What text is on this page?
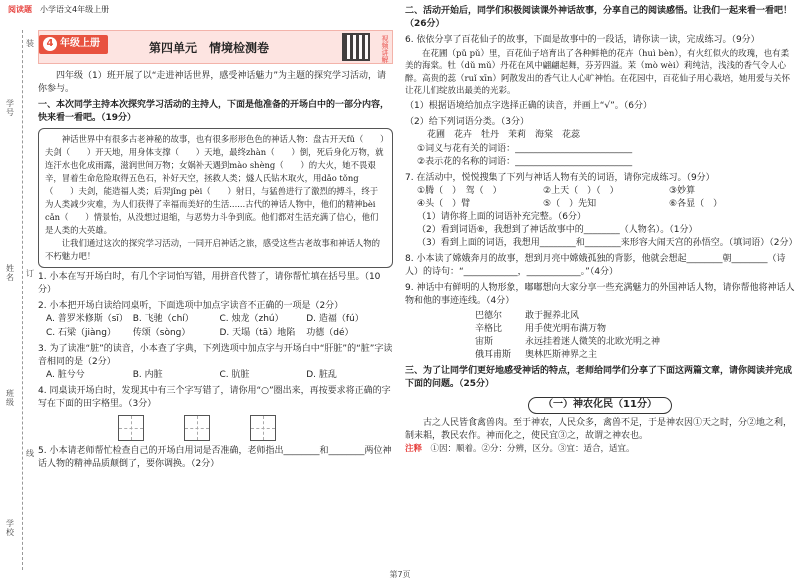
阅读题 小学语文4年级上册
学号
装
姓名 订
班级
线
学校
4 年级上册	第四单元　情境检测卷	视频讲解

四年级（1）班开展了以“走进神话世界，感受神话魅力”为主题的探究学习活动，请你参与。

一、本次同学主持本次探究学习活动的主持人，下面是他准备的开场白中的一部分内容，快来看一看吧。（19分）

神话世界中有很多古老神秘的故事，也有很多形形色色的神话人物：盘古开天fǔ（　　）夫剑（　　）开天地，用身体支撑（　　）天地，最终zhàn（　　）倒，死后身化万物，就连汗水也化成雨露，滋润世间万物；女娲补天遇到mào shèng（　　）的大火，她不畏艰辛，冒着生命危险取得五色石，补好天空，拯救人类；燧人氏钻木取火，用dǎo tǒng（　　）夫剑，能造福人类；后羿jǐng pèi（　　）射日，与猛兽进行了激烈的搏斗，终于为人类减少灾难，为人们获得了幸福而美好的生活......古代的神话人物中，他们的精神bèi cǎn（　　）情景怡，从没想过退缩，与恶势力斗争到底。他们都对生活充满了信心，他们是人类的大英雄。

让我们通过这次的探究学习活动，一同开启神话之旅，感受这些古老故事和神话人物的不朽魅力吧！

1. 小本在写开场白时，有几个字词怕写错，用拼音代替了，请你帮忙填在括号里。（10分）

2. 小本把开场白读给同桌听，下面选项中加点字读音不正确的一项是（2分）

A. 普罗米修斯（sī） B. 飞驰（chí）	C. 烛龙（zhú）	D. 造福（fú）
C. 石梁（jiàng）	传颂（sòng）	D. 天塌（tā）地陷	功德（dé）

3. 为了读准“脏”的读音，小本查了字典，下列选项中加点字与开场白中“肝脏”的“脏”字读音相同的是（2分）

A. 脏兮兮	B. 内脏	C. 肮脏	D. 脏乱

4. 同桌读开场白时，发现其中有三个字写错了，请你用“○”圈出来，再按要求将正确的字写在下面的田字格里。（3分）

5. 小本请老师帮忙检查自己的开场白用词是否准确，老师指出________和________两位神话人物的精神品质颠倒了，要你调换。（2分）

二、活动开始后，同学们积极阅读课外神话故事，分享自己的阅读感悟。让我们一起来看一看吧！（26分）

6. 依依分享了百花仙子的故事，下面是故事中的一段话，请你读一读，完成练习。（9分）

在花圃（pǔ pǔ）里，百花仙子培育出了各种鲜艳的花卉（huì bèn），有火红似火的玫瑰，也有柔美的海棠。牡（dǔ mǔ）丹花在风中翩翩起舞，芬芳四溢。茉（mò wèi）莉纯洁，浅浅的香气令人心醉。高贵的蕊（ruǐ xīn）阿散发出的香气让人心旷神怡。在花园中，百花仙子用心栽培，她用爱与关怀让花儿们绽放出最美的光彩。

（1）根据语境给加点字选择正确的读音，并画上“√”。（6分）

（2）给下列词语分类。（3分）

花圃　花卉　牡丹　茉莉　海棠　花蕊

①词义与花有关的词语：__________________________

②表示花的名称的词语：__________________________

7. 在活动中，悦悦搜集了下列与神话人物有关的词语，请你完成练习。（9分）

①腾（　）　驾（　）	②上天（　）（　）	③妙算
④头（　）臂	⑤（　）先知	⑥各显（　）

（1）请你将上面的词语补充完整。（6分）

（2）看到词语⑥，我想到了神话故事中的________（人物名）。（1分）

（3）看到上面的词语，我想用________和________来形容大闹天宫的孙悟空。（填词语）（2分）

8. 小本读了嫦娥奔月的故事，想到月亮中嫦娥孤独的背影，他就会想起________朝________（诗人）的诗句：“____________，____________。”（4分）

9. 神话中有鲜明的人物形象，嘟嘟想向大家分享一些充满魅力的外国神话人物，请你帮他将神话人物和他的事迹连线。（4分）

巴德尔	敢于握养北风
辛格比	用手使光明布满万物
宙斯	永远挂着迷人微笑的北欧光明之神
俄耳甫斯	奥林匹斯神界之主

三、为了让同学们更好地感受神话的特点，老师给同学们分享了下面这两篇文章，请你阅读并完成下面的问题。（25分）

（一）神农化民（11分）

古之人民皆食禽兽肉。至于神农，人民众多，禽兽不足，于是神农因①天之时，分②地之利，制耒耜，教民农作。神而化之，使民宜③之，故谓之神农也。

注释　 ①因：顺着。②分：分辨，区分。③宜：适合，适宜。

第7页
